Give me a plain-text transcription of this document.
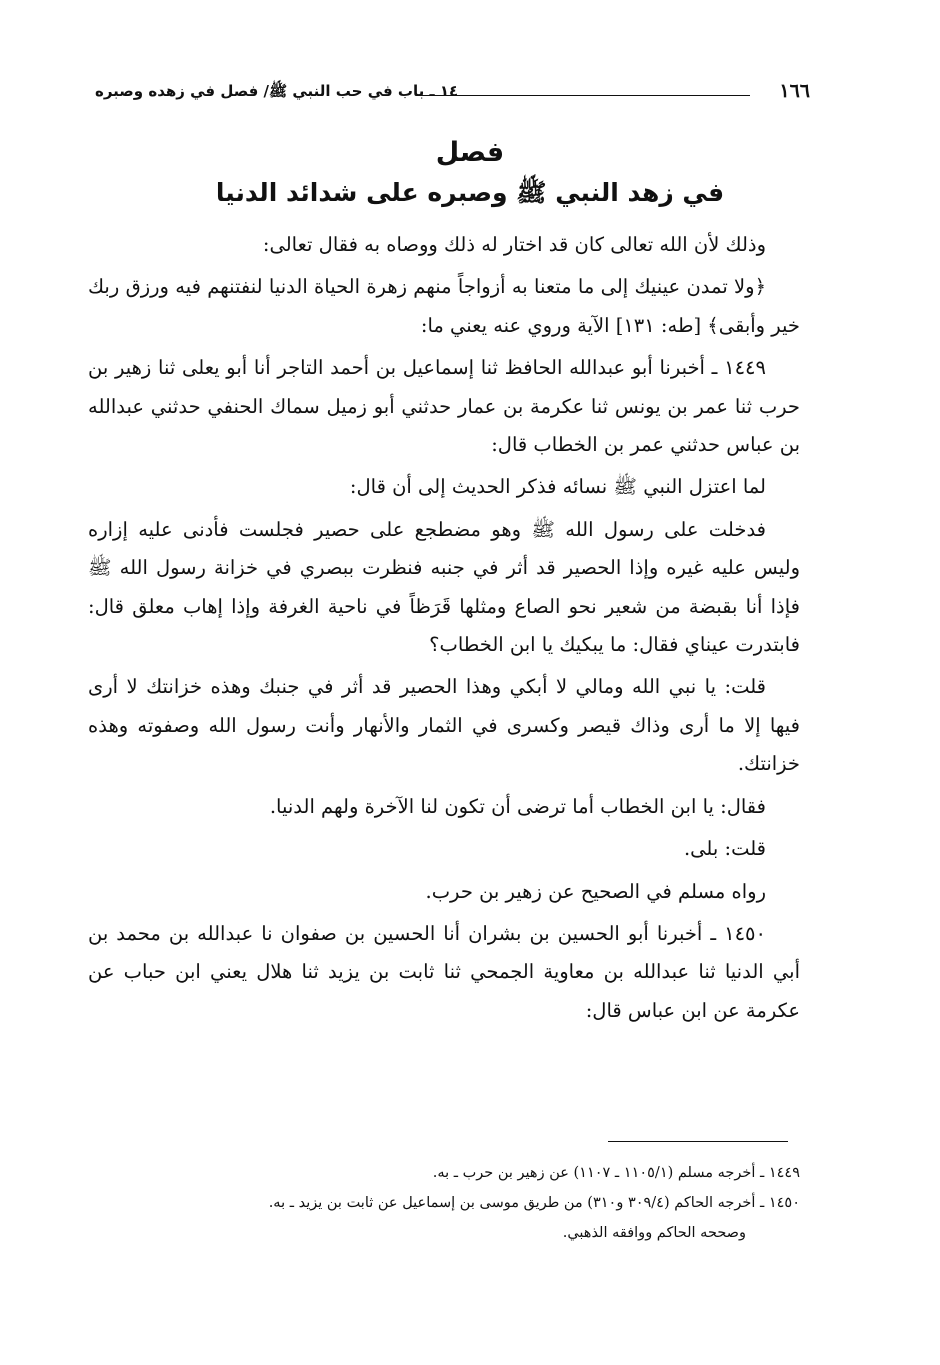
١٤ ـ باب في حب النبي ﷺ/ فصل في زهده وصبره	١٦٦
فصل
في زهد النبي ﷺ وصبره على شدائد الدنيا

وذلك لأن الله تعالى كان قد اختار له ذلك ووصاه به فقال تعالى:

﴿ولا تمدن عينيك إلى ما متعنا به أزواجاً منهم زهرة الحياة الدنيا لنفتنهم فيه ورزق ربك خير وأبقى﴾ [طه: ١٣١] الآية وروي عنه يعني ما:

١٤٤٩ ـ أخبرنا أبو عبدالله الحافظ ثنا إسماعيل بن أحمد التاجر أنا أبو يعلى ثنا زهير بن حرب ثنا عمر بن يونس ثنا عكرمة بن عمار حدثني أبو زميل سماك الحنفي حدثني عبدالله بن عباس حدثني عمر بن الخطاب قال:

لما اعتزل النبي ﷺ نسائه فذكر الحديث إلى أن قال:

فدخلت على رسول الله ﷺ وهو مضطجع على حصير فجلست فأدنى عليه إزاره وليس عليه غيره وإذا الحصير قد أثر في جنبه فنظرت ببصري في خزانة رسول الله ﷺ فإذا أنا بقبضة من شعير نحو الصاع ومثلها قَرَظاً في ناحية الغرفة وإذا إهاب معلق قال: فابتدرت عيناي فقال: ما يبكيك يا ابن الخطاب؟

قلت: يا نبي الله ومالي لا أبكي وهذا الحصير قد أثر في جنبك وهذه خزانتك لا أرى فيها إلا ما أرى وذاك قيصر وكسرى في الثمار والأنهار وأنت رسول الله وصفوته وهذه خزانتك.

فقال: يا ابن الخطاب أما ترضى أن تكون لنا الآخرة ولهم الدنيا.

قلت: بلى.

رواه مسلم في الصحيح عن زهير بن حرب.

١٤٥٠ ـ أخبرنا أبو الحسين بن بشران أنا الحسين بن صفوان نا عبدالله بن محمد بن أبي الدنيا ثنا عبدالله بن معاوية الجمحي ثنا ثابت بن يزيد ثنا هلال يعني ابن حباب عن عكرمة عن ابن عباس قال:

١٤٤٩ ـ أخرجه مسلم (١١٠٥/١ ـ ١١٠٧) عن زهير بن حرب ـ به.

١٤٥٠ ـ أخرجه الحاكم (٣٠٩/٤ و٣١٠) من طريق موسى بن إسماعيل عن ثابت بن يزيد ـ به.

وصححه الحاكم ووافقه الذهبي.
